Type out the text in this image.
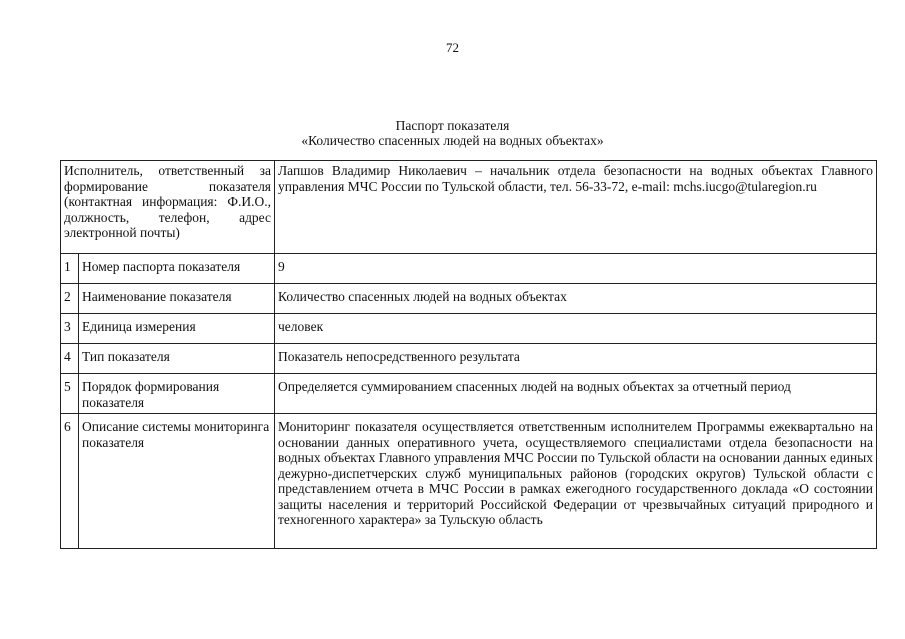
72
Паспорт показателя
«Количество спасенных людей на водных объектах»
Исполнитель, ответственный за формирование показателя (контактная информация: Ф.И.О., должность, телефон, адрес электронной почты)		Лапшов Владимир Николаевич – начальник отдела безопасности на водных объектах Главного управления МЧС России по Тульской области, тел. 56-33-72, e-mail: mchs.iucgo@tularegion.ru
1	Номер паспорта показателя	9
2	Наименование показателя	Количество спасенных людей на водных объектах
3	Единица измерения	человек
4	Тип показателя	Показатель непосредственного результата
5	Порядок формирования показателя	Определяется суммированием спасенных людей на водных объектах за отчетный период
6	Описание системы мониторинга показателя	Мониторинг показателя осуществляется ответственным исполнителем Программы ежеквартально на основании данных оперативного учета, осуществляемого специалистами отдела безопасности на водных объектах Главного управления МЧС России по Тульской области на основании данных единых дежурно-диспетчерских служб муниципальных районов (городских округов) Тульской области с представлением отчета в МЧС России в рамках ежегодного государственного доклада «О состоянии защиты населения и территорий Российской Федерации от чрезвычайных ситуаций природного и техногенного характера» за Тульскую область
